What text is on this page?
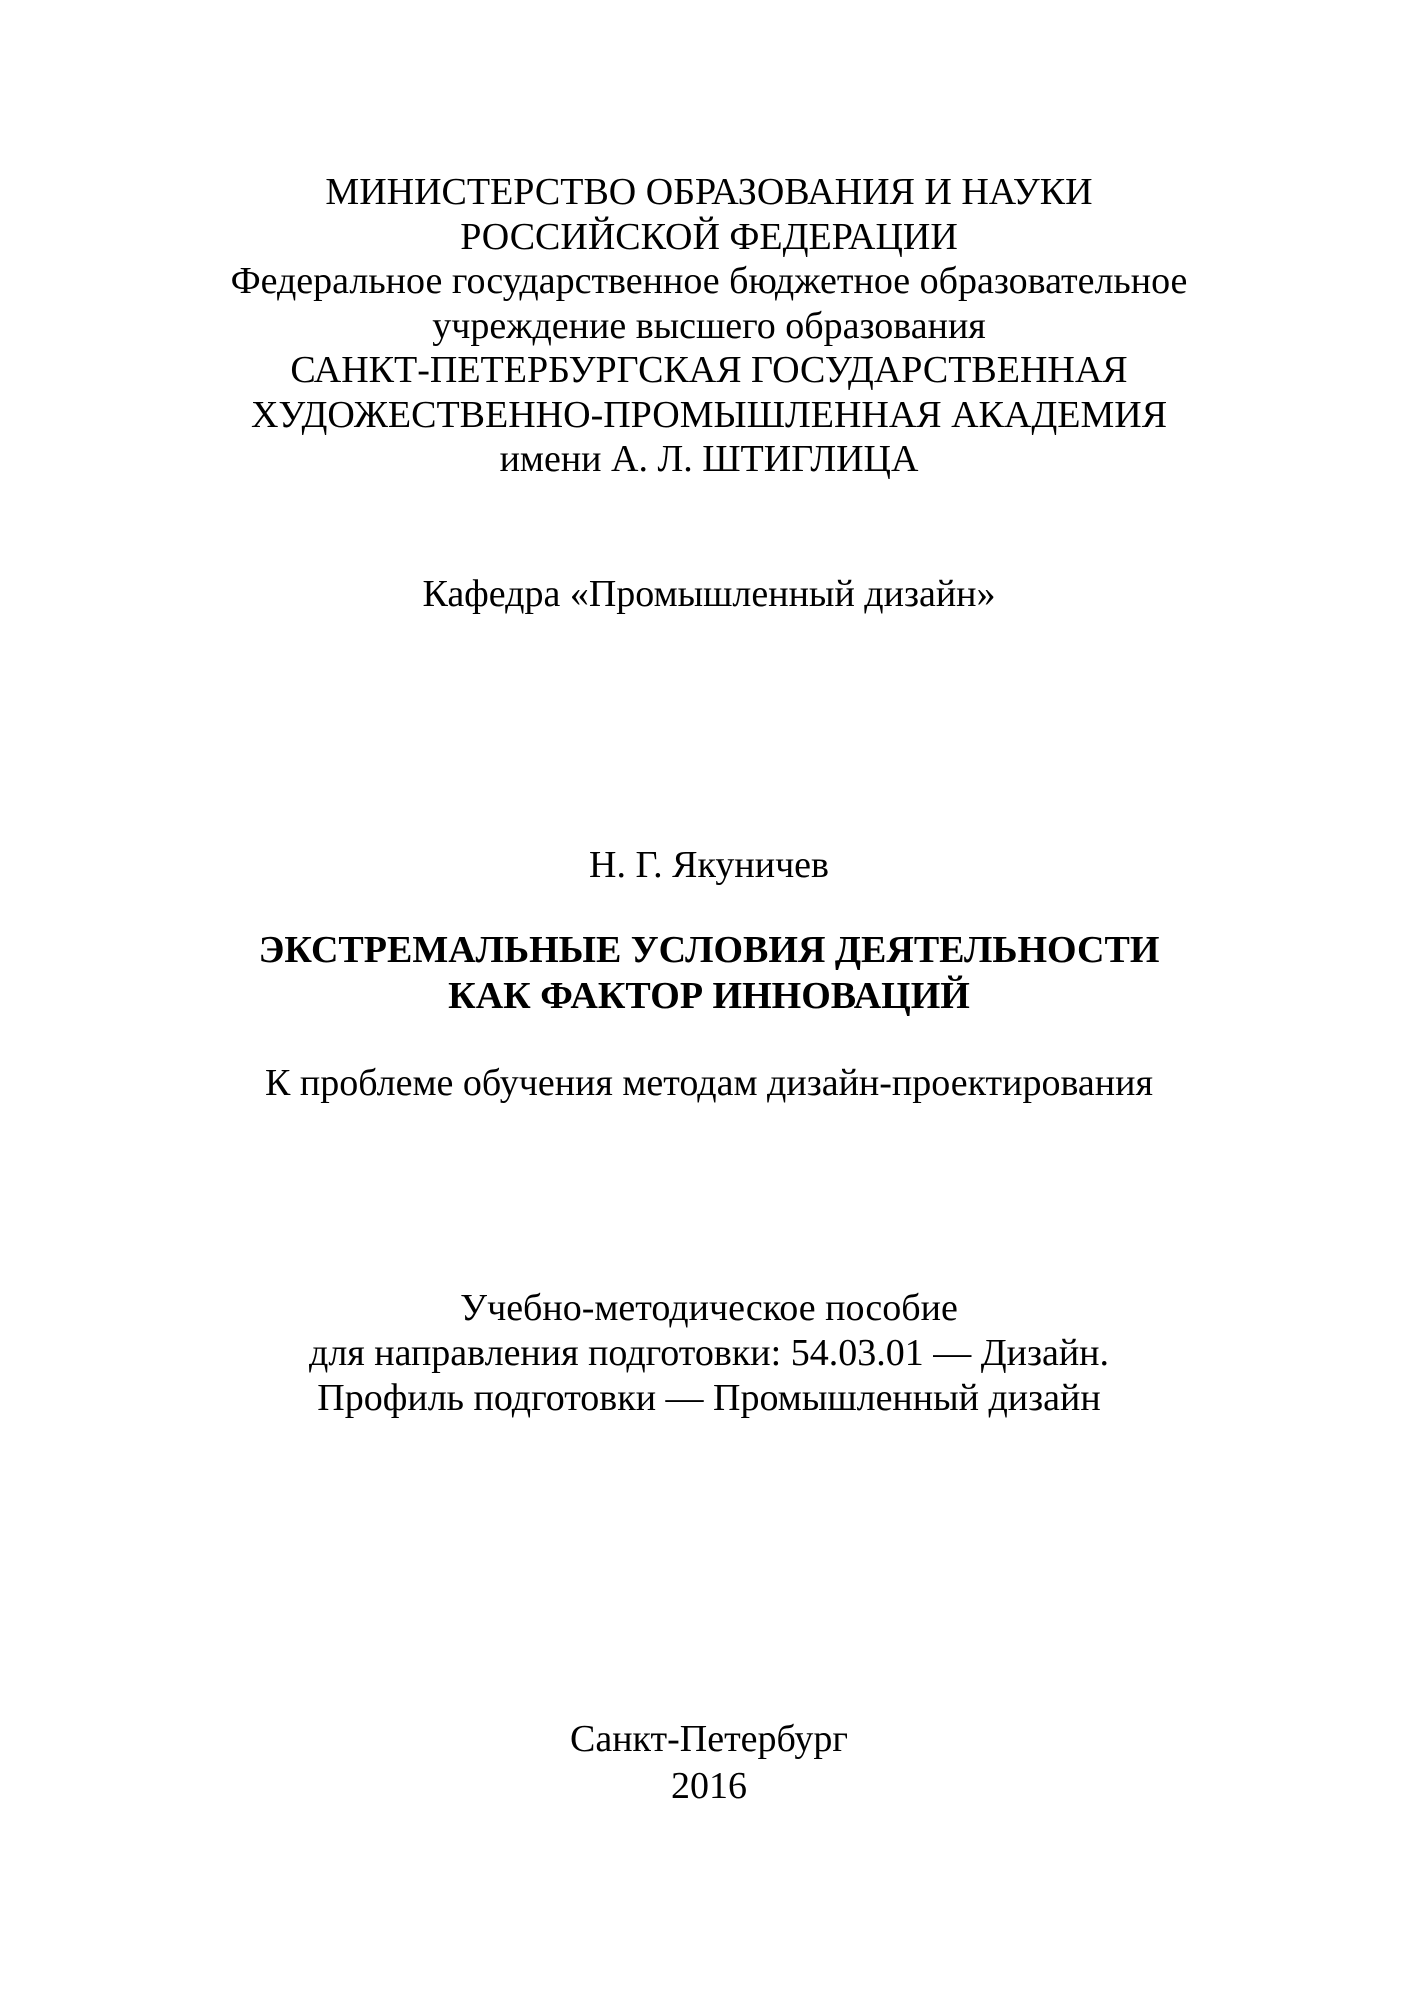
МИНИСТЕРСТВО ОБРАЗОВАНИЯ И НАУКИ
РОССИЙСКОЙ ФЕДЕРАЦИИ
Федеральное государственное бюджетное образовательное
учреждение высшего образования
САНКТ-ПЕТЕРБУРГСКАЯ ГОСУДАРСТВЕННАЯ
ХУДОЖЕСТВЕННО-ПРОМЫШЛЕННАЯ АКАДЕМИЯ
имени А. Л. ШТИГЛИЦА
Кафедра «Промышленный дизайн»
Н. Г. Якуничев
ЭКСТРЕМАЛЬНЫЕ УСЛОВИЯ ДЕЯТЕЛЬНОСТИ
КАК ФАКТОР ИННОВАЦИЙ
К проблеме обучения методам дизайн-проектирования
Учебно-методическое пособие
для направления подготовки: 54.03.01 — Дизайн.
Профиль подготовки — Промышленный дизайн
Санкт-Петербург
2016
